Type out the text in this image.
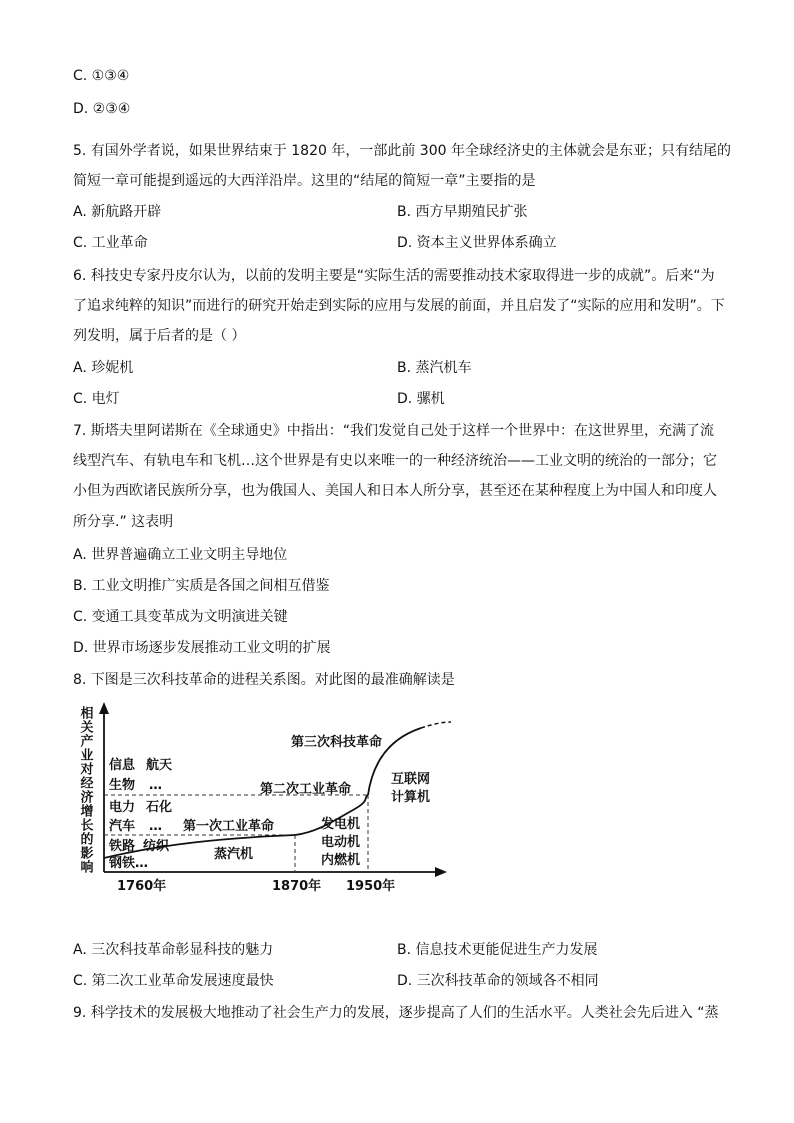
C. ①③④
D. ②③④
5. 有国外学者说，如果世界结束于 1820 年，一部此前 300 年全球经济史的主体就会是东亚；只有结尾的
简短一章可能提到遥远的大西洋沿岸。这里的“结尾的简短一章”主要指的是
A. 新航路开辟	B. 西方早期殖民扩张
C. 工业革命	D. 资本主义世界体系确立
6. 科技史专家丹皮尔认为，以前的发明主要是“实际生活的需要推动技术家取得进一步的成就”。后来“为
了追求纯粹的知识”而进行的研究开始走到实际的应用与发展的前面，并且启发了“实际的应用和发明”。下
列发明，属于后者的是（ ）
A. 珍妮机	B. 蒸汽机车
C. 电灯	D. 骡机
7. 斯塔夫里阿诺斯在《全球通史》中指出：“我们发觉自己处于这样一个世界中：在这世界里，充满了流
线型汽车、有轨电车和飞机…这个世界是有史以来唯一的一种经济统治——工业文明的统治的一部分；它
小但为西欧诸民族所分享，也为俄国人、美国人和日本人所分享，甚至还在某种程度上为中国人和印度人
所分享.” 这表明
A. 世界普遍确立工业文明主导地位
B. 工业文明推广实质是各国之间相互借鉴
C. 变通工具变革成为文明演进关键
D. 世界市场逐步发展推动工业文明的扩展
8. 下图是三次科技革命的进程关系图。对此图的最准确解读是
相关产业对经济增长的影响	第三次科技革命
第二次工业革命
第一次工业革命
信息 航天
生物 …	互联网
计算机
电力 石化
汽车 …	发电机
电动机
内燃机
铁路 纺织
钢铁…
蒸汽机
1760年	1870年 1950年
A. 三次科技革命彰显科技的魅力	B. 信息技术更能促进生产力发展
C. 第二次工业革命发展速度最快	D. 三次科技革命的领域各不相同
9. 科学技术的发展极大地推动了社会生产力的发展，逐步提高了人们的生活水平。人类社会先后进入 “蒸
